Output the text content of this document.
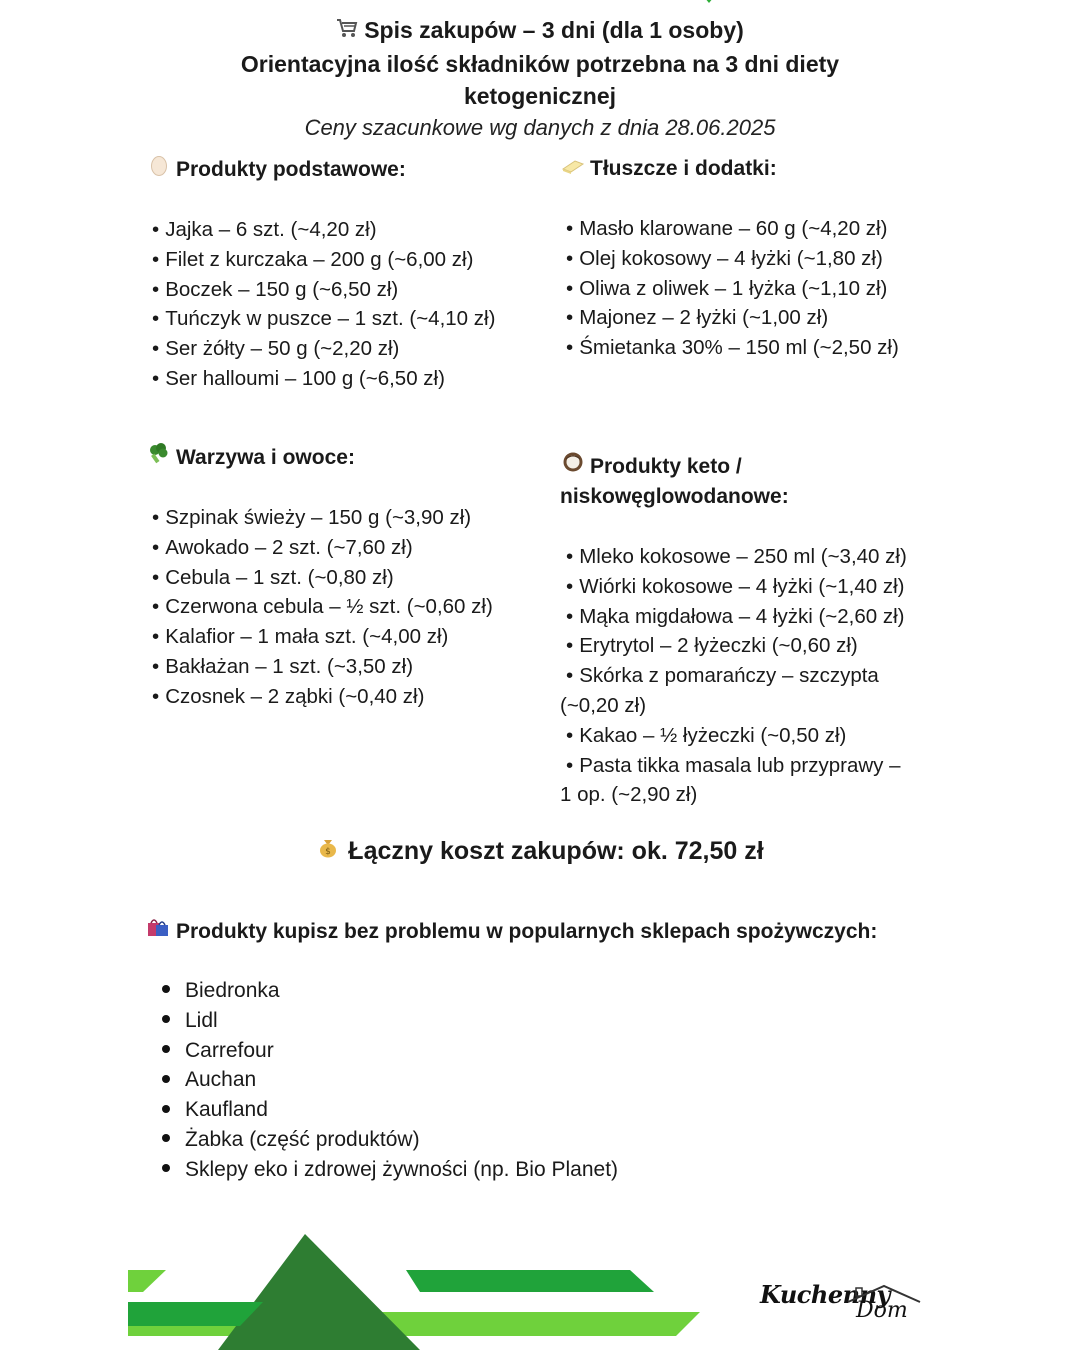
Spis zakupów – 3 dni (dla 1 osoby)
Orientacyjna ilość składników potrzebna na 3 dni diety
ketogenicznej
Ceny szacunkowe wg danych z dnia 28.06.2025
Produkty podstawowe:
• Jajka – 6 szt. (~4,20 zł)
• Filet z kurczaka – 200 g (~6,00 zł)
• Boczek – 150 g (~6,50 zł)
• Tuńczyk w puszce – 1 szt. (~4,10 zł)
• Ser żółty – 50 g (~2,20 zł)
• Ser halloumi – 100 g (~6,50 zł)
Tłuszcze i dodatki:
• Masło klarowane – 60 g (~4,20 zł)
• Olej kokosowy – 4 łyżki (~1,80 zł)
• Oliwa z oliwek – 1 łyżka (~1,10 zł)
• Majonez – 2 łyżki (~1,00 zł)
• Śmietanka 30% – 150 ml (~2,50 zł)
Warzywa i owoce:
• Szpinak świeży – 150 g (~3,90 zł)
• Awokado – 2 szt. (~7,60 zł)
• Cebula – 1 szt. (~0,80 zł)
• Czerwona cebula – ½ szt. (~0,60 zł)
• Kalafior – 1 mała szt. (~4,00 zł)
• Bakłażan – 1 szt. (~3,50 zł)
• Czosnek – 2 ząbki (~0,40 zł)
Produkty keto /
niskowęglowodanowe:
• Mleko kokosowe – 250 ml (~3,40 zł)
• Wiórki kokosowe – 4 łyżki (~1,40 zł)
• Mąka migdałowa – 4 łyżki (~2,60 zł)
• Erytrytol – 2 łyżeczki (~0,60 zł)
• Skórka z pomarańczy – szczypta
(~0,20 zł)
• Kakao – ½ łyżeczki (~0,50 zł)
• Pasta tikka masala lub przyprawy –
1 op. (~2,90 zł)
$ Łączny koszt zakupów: ok. 72,50 zł
Produkty kupisz bez problemu w popularnych sklepach spożywczych:
Biedronka
Lidl
Carrefour
Auchan
Kaufland
Żabka (część produktów)
Sklepy eko i zdrowej żywności (np. Bio Planet)
Kuchenny
Dom
